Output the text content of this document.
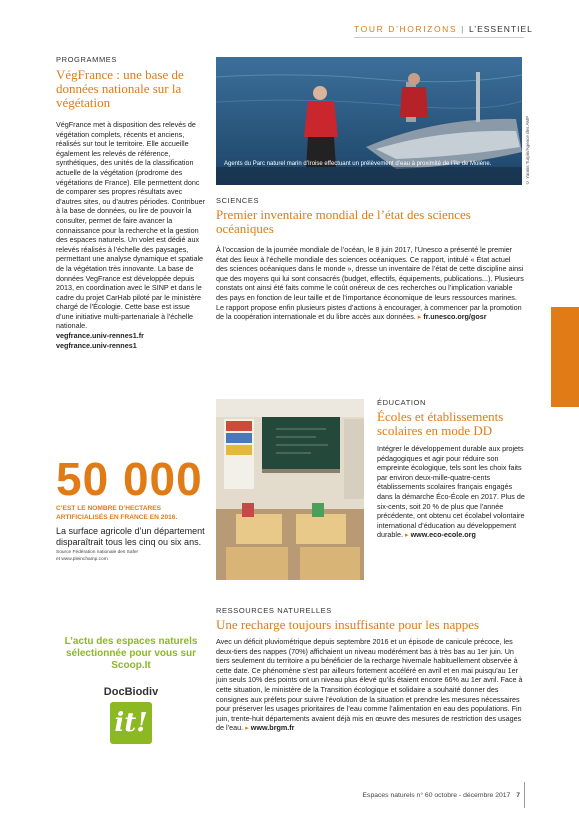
TOUR D’HORIZONS | L’ESSENTIEL
PROGRAMMES
VégFrance : une base de données nationale sur la végétation

VégFrance met à disposition des relevés de végétation complets, récents et anciens, réalisés sur tout le territoire. Elle accueille également les relevés de référence, synthétiques, des unités de la classification actuelle de la végétation (prodrome des végétations de France). Elle permettent donc de comparer ses propres résultats avec d’autres sites, ou d’autres périodes. Contribuer à la base de données, ou lire de pouvoir la consulter, permet de faire avancer la connaissance pour la recherche et la gestion des espaces naturels. Un volet est dédié aux relevés réalisés à l’échelle des paysages, permettant une analyse dynamique et spatiale de la végétation très innovante. La base de données VegFrance est développée depuis 2013, en coordination avec le SINP et dans le cadre du projet CarHab piloté par le ministère chargé de l’Écologie. Cette base est issue d’une initiative multi-partenariale à l’échelle nationale.

vegfrance.univ-rennes1.fr
vegfrance.univ-rennes1
50 000
C’EST LE NOMBRE D’HECTARES ARTIFICIALISÉS EN FRANCE EN 2016.
La surface agricole d’un département disparaîtrait tous les cinq ou six ans.
Source Fédération nationale des Safer
et www.pleinchamp.com
L’actu des espaces naturels sélectionnée pour vous sur Scoop.It
DocBiodiv
it!
Agents du Parc naturel marin d’Iroise effectuant un prélèvement d’eau à proximité de l’île de Molène.	© Yannis Turpin/Agence des AMP
SCIENCES
Premier inventaire mondial de l’état des sciences océaniques

À l’occasion de la journée mondiale de l’océan, le 8 juin 2017, l’Unesco a présenté le premier état des lieux à l’échelle mondiale des sciences océaniques. Ce rapport, intitulé « État actuel des sciences océaniques dans le monde », dresse un inventaire de l’état de cette discipline ainsi que des moyens qui lui sont consacrés (budget, effectifs, équipements, publications...). Plusieurs constats ont ainsi été faits comme le coût onéreux de ces recherches ou l’implication variable des pays en fonction de leur taille et de l’importance économique de leurs ressources marines. Le rapport propose enfin plusieurs pistes d’actions à encourager, à commencer par la promotion de la coopération internationale et du libre accès aux données. ▸ fr.unesco.org/gosr

ÉDUCATION
Écoles et établissements scolaires en mode DD

Intégrer le développement durable aux projets pédagogiques et agir pour réduire son empreinte écologique, tels sont les choix faits par environ deux-mille-quatre-cents établissements scolaires français engagés dans la démarche Éco-École en 2017. Plus de six-cents, soit 20 % de plus que l’année précédente, ont obtenu cet écolabel volontaire international d’éducation au développement durable. ▸ www.eco-ecole.org

RESSOURCES NATURELLES
Une recharge toujours insuffisante pour les nappes

Avec un déficit pluviométrique depuis septembre 2016 et un épisode de canicule précoce, les deux-tiers des nappes (70%) affichaient un niveau modérément bas à très bas au 1er juin. Un tiers seulement du territoire a pu bénéficier de la recharge hivernale habituellement observée à cette date. Ce phénomène s’est par ailleurs fortement accéléré en avril et en mai puisqu’au 1er juin seuls 10% des points ont un niveau plus élevé qu’ils étaient encore 66% au 1er avril. Face à cette situation, le ministère de la Transition écologique et solidaire a souhaité donner des consignes aux préfets pour suivre l’évolution de la situation et prendre les mesures nécessaires pour préserver les usages prioritaires de l’eau comme l’alimentation en eau des populations. Fin juin, trente-huit départements avaient déjà mis en œuvre des mesures de restriction des usages de l’eau. ▸ www.brgm.fr

Espaces naturels n° 60 octobre - décembre 2017 7
